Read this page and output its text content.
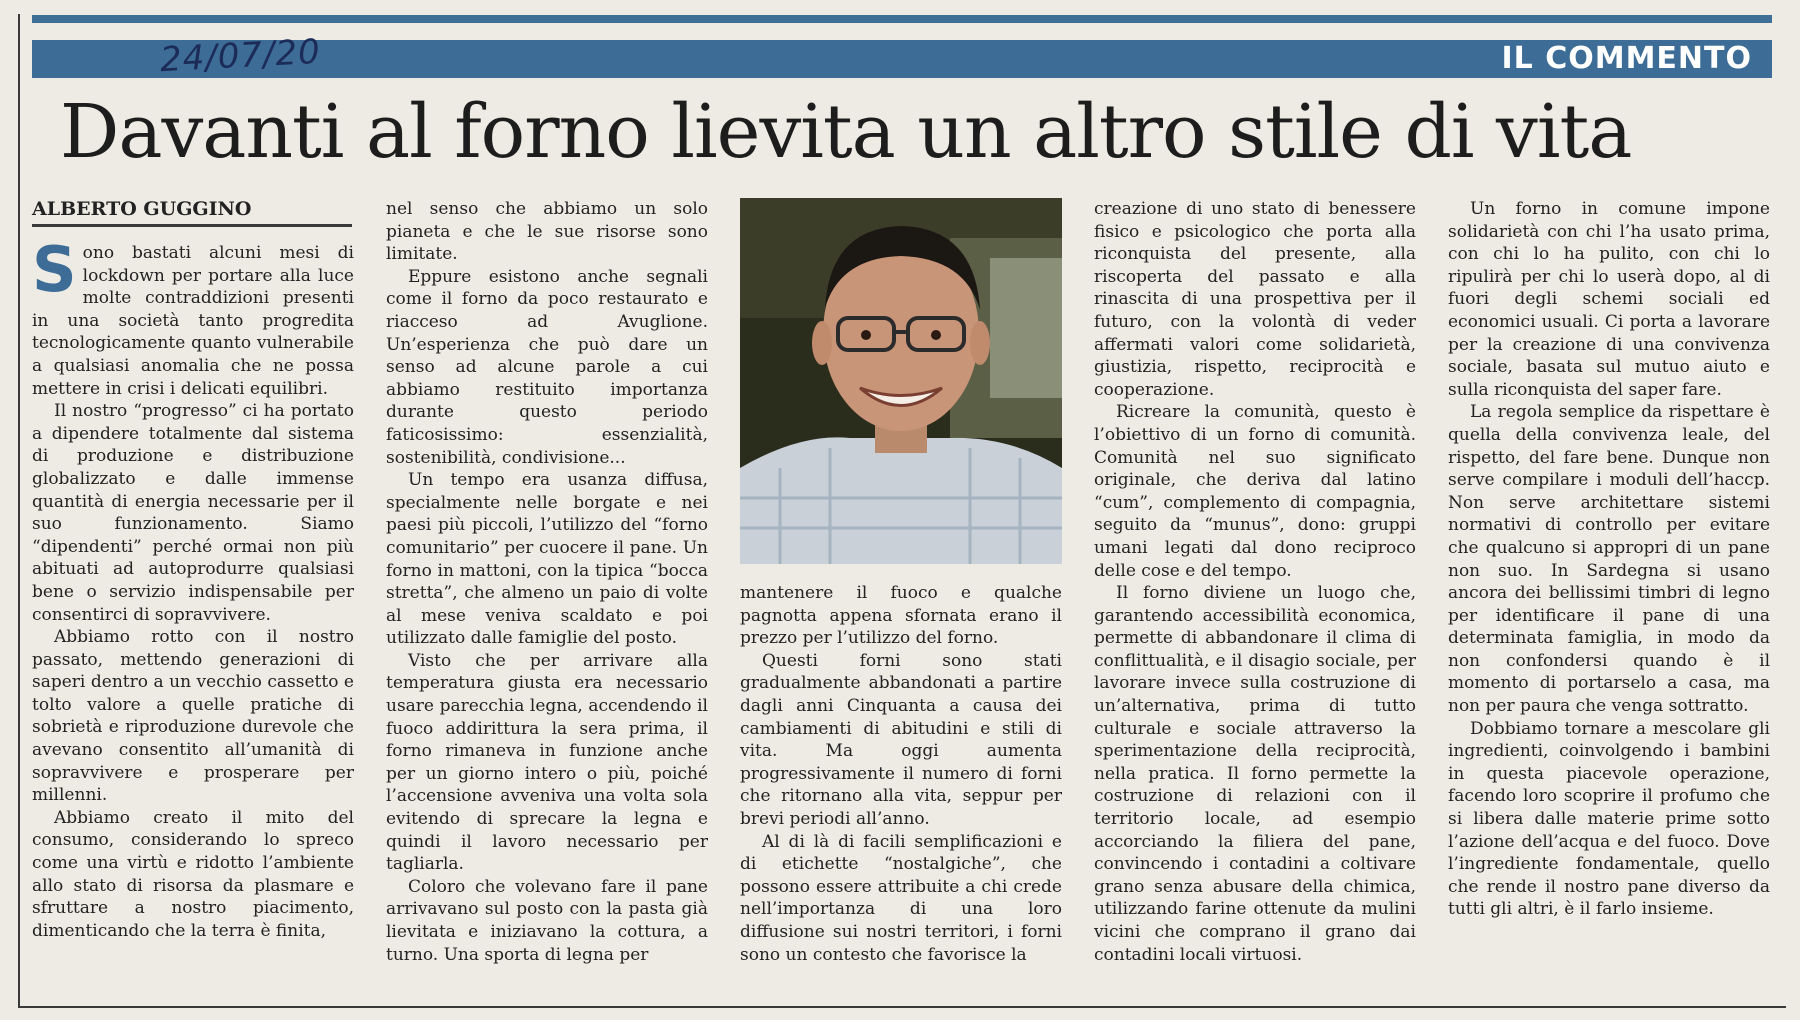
24/07/20	IL COMMENTO
Davanti al forno lievita un altro stile di vita
ALBERTO GUGGINO

Sono bastati alcuni mesi di lockdown per portare alla luce molte contraddizioni presenti in una società tanto progredita tecnologicamente quanto vulnerabile a qualsiasi anomalia che ne possa mettere in crisi i delicati equilibri.

Il nostro “progresso” ci ha portato a dipendere totalmente dal sistema di produzione e distribuzione globalizzato e dalle immense quantità di energia necessarie per il suo funzionamento. Siamo “dipendenti” perché ormai non più abituati ad autoprodurre qualsiasi bene o servizio indispensabile per consentirci di sopravvivere.

Abbiamo rotto con il nostro passato, mettendo generazioni di saperi dentro a un vecchio cassetto e tolto valore a quelle pratiche di sobrietà e riproduzione durevole che avevano consentito all’umanità di sopravvivere e prosperare per millenni.

Abbiamo creato il mito del consumo, considerando lo spreco come una virtù e ridotto l’ambiente allo stato di risorsa da plasmare e sfruttare a nostro piacimento, dimenticando che la terra è finita,

nel senso che abbiamo un solo pianeta e che le sue risorse sono limitate.

Eppure esistono anche segnali come il forno da poco restaurato e riacceso ad Avuglione. Un’esperienza che può dare un senso ad alcune parole a cui abbiamo restituito importanza durante questo periodo faticosissimo: essenzialità, sostenibilità, condivisione...

Un tempo era usanza diffusa, specialmente nelle borgate e nei paesi più piccoli, l’utilizzo del “forno comunitario” per cuocere il pane. Un forno in mattoni, con la tipica “bocca stretta”, che almeno un paio di volte al mese veniva scaldato e poi utilizzato dalle famiglie del posto.

Visto che per arrivare alla temperatura giusta era necessario usare parecchia legna, accendendo il fuoco addirittura la sera prima, il forno rimaneva in funzione anche per un giorno intero o più, poiché l’accensione avveniva una volta sola evitendo di sprecare la legna e quindi il lavoro necessario per tagliarla.

Coloro che volevano fare il pane arrivavano sul posto con la pasta già lievitata e iniziavano la cottura, a turno. Una sporta di legna per

mantenere il fuoco e qualche pagnotta appena sfornata erano il prezzo per l’utilizzo del forno.

Questi forni sono stati gradualmente abbandonati a partire dagli anni Cinquanta a causa dei cambiamenti di abitudini e stili di vita. Ma oggi aumenta progressivamente il numero di forni che ritornano alla vita, seppur per brevi periodi all’anno.

Al di là di facili semplificazioni e di etichette “nostalgiche”, che possono essere attribuite a chi crede nell’importanza di una loro diffusione sui nostri territori, i forni sono un contesto che favorisce la

creazione di uno stato di benessere fisico e psicologico che porta alla riconquista del presente, alla riscoperta del passato e alla rinascita di una prospettiva per il futuro, con la volontà di veder affermati valori come solidarietà, giustizia, rispetto, reciprocità e cooperazione.

Ricreare la comunità, questo è l’obiettivo di un forno di comunità. Comunità nel suo significato originale, che deriva dal latino “cum”, complemento di compagnia, seguito da “munus”, dono: gruppi umani legati dal dono reciproco delle cose e del tempo.

Il forno diviene un luogo che, garantendo accessibilità economica, permette di abbandonare il clima di conflittualità, e il disagio sociale, per lavorare invece sulla costruzione di un’alternativa, prima di tutto culturale e sociale attraverso la sperimentazione della reciprocità, nella pratica. Il forno permette la costruzione di relazioni con il territorio locale, ad esempio accorciando la filiera del pane, convincendo i contadini a coltivare grano senza abusare della chimica, utilizzando farine ottenute da mulini vicini che comprano il grano dai contadini locali virtuosi.

Un forno in comune impone solidarietà con chi l’ha usato prima, con chi lo ha pulito, con chi lo ripulirà per chi lo userà dopo, al di fuori degli schemi sociali ed economici usuali. Ci porta a lavorare per la creazione di una convivenza sociale, basata sul mutuo aiuto e sulla riconquista del saper fare.

La regola semplice da rispettare è quella della convivenza leale, del rispetto, del fare bene. Dunque non serve compilare i moduli dell’haccp. Non serve architettare sistemi normativi di controllo per evitare che qualcuno si appropri di un pane non suo. In Sardegna si usano ancora dei bellissimi timbri di legno per identificare il pane di una determinata famiglia, in modo da non confondersi quando è il momento di portarselo a casa, ma non per paura che venga sottratto.

Dobbiamo tornare a mescolare gli ingredienti, coinvolgendo i bambini in questa piacevole operazione, facendo loro scoprire il profumo che si libera dalle materie prime sotto l’azione dell’acqua e del fuoco. Dove l’ingrediente fondamentale, quello che rende il nostro pane diverso da tutti gli altri, è il farlo insieme.
